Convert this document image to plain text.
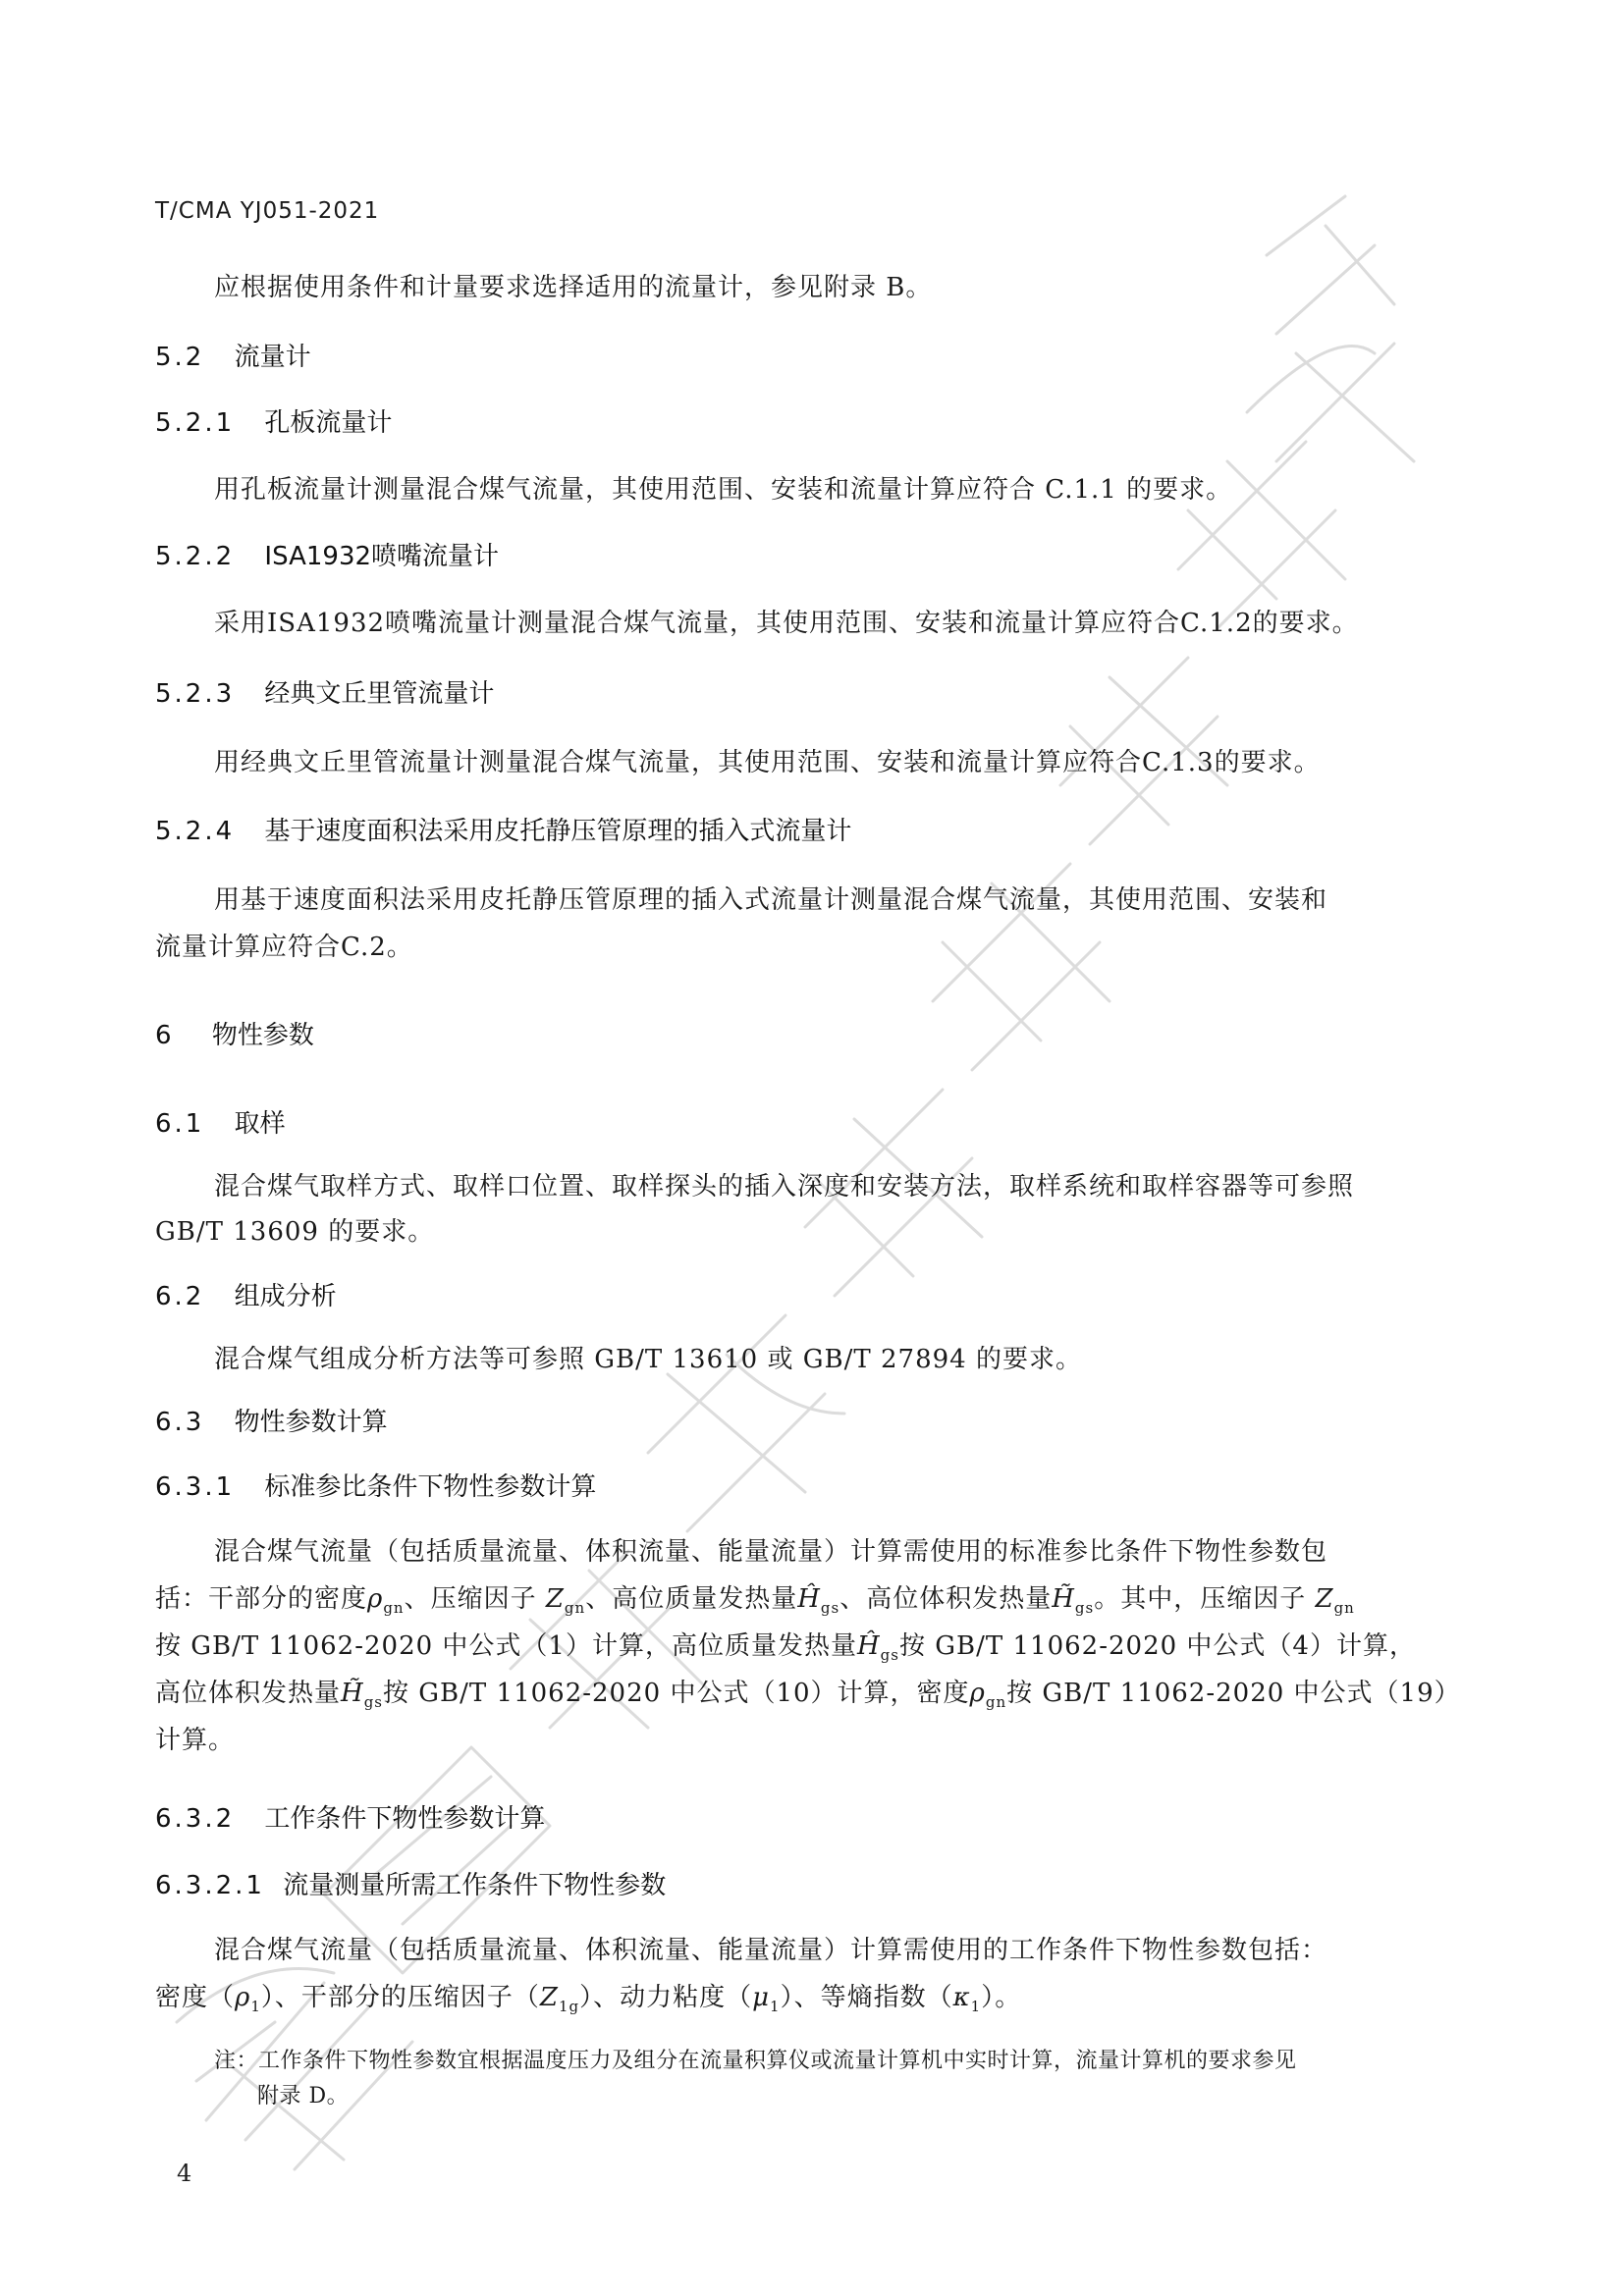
T/CMA YJ051-2021
应根据使用条件和计量要求选择适用的流量计，参见附录 B。
5.2 流量计
5.2.1 孔板流量计
用孔板流量计测量混合煤气流量，其使用范围、安装和流量计算应符合 C.1.1 的要求。
5.2.2 ISA1932喷嘴流量计
采用ISA1932喷嘴流量计测量混合煤气流量，其使用范围、安装和流量计算应符合C.1.2的要求。
5.2.3 经典文丘里管流量计
用经典文丘里管流量计测量混合煤气流量，其使用范围、安装和流量计算应符合C.1.3的要求。
5.2.4 基于速度面积法采用皮托静压管原理的插入式流量计
用基于速度面积法采用皮托静压管原理的插入式流量计测量混合煤气流量，其使用范围、安装和
流量计算应符合C.2。
6 物性参数
6.1 取样
混合煤气取样方式、取样口位置、取样探头的插入深度和安装方法，取样系统和取样容器等可参照
GB/T 13609 的要求。
6.2 组成分析
混合煤气组成分析方法等可参照 GB/T 13610 或 GB/T 27894 的要求。
6.3 物性参数计算
6.3.1 标准参比条件下物性参数计算
混合煤气流量（包括质量流量、体积流量、能量流量）计算需使用的标准参比条件下物性参数包
括：干部分的密度$\rho_{gn}$、压缩因子 $Z_{gn}$、高位质量发热量$Ĥ_{gs}$、高位体积发热量$H̃_{gs}$。其中，压缩因子 $Z_{gn}$
按 GB/T 11062-2020 中公式（1）计算，高位质量发热量$Ĥ_{gs}$按 GB/T 11062-2020 中公式（4）计算，
高位体积发热量$H̃_{gs}$按 GB/T 11062-2020 中公式（10）计算，密度$\rho_{gn}$按 GB/T 11062-2020 中公式（19）
计算。
6.3.2 工作条件下物性参数计算
6.3.2.1 流量测量所需工作条件下物性参数
混合煤气流量（包括质量流量、体积流量、能量流量）计算需使用的工作条件下物性参数包括：
密度$(\rho_1)$、干部分的压缩因子$(Z_{1g})$、动力粘度$(\mu_1)$、等熵指数$(\kappa_1)$。
注：工作条件下物性参数宜根据温度压力及组分在流量积算仪或流量计算机中实时计算，流量计算机的要求参见
附录 D。
4
